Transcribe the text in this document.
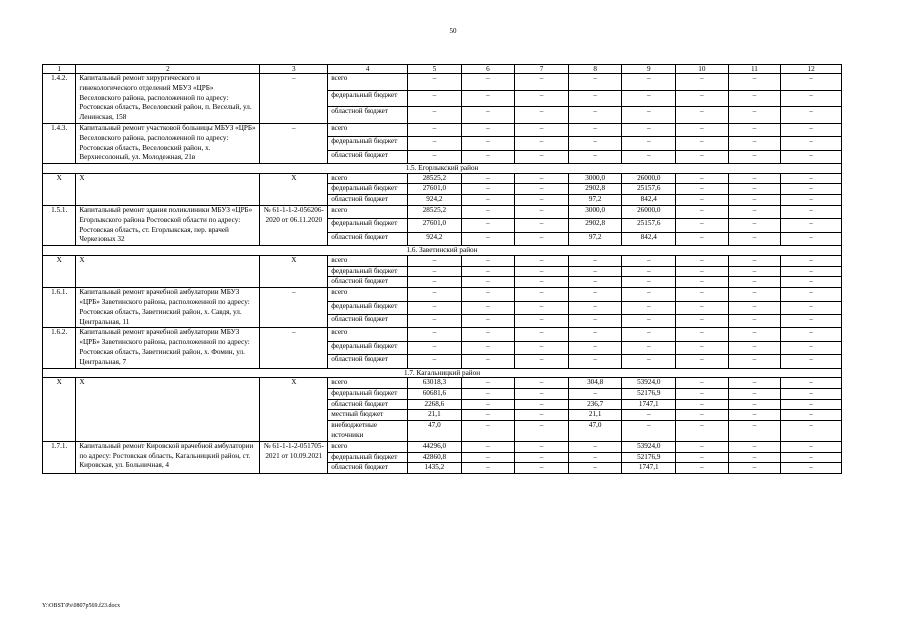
50
1	2	3	4	5	6	7	8	9	10	11	12
1.4.2.	Капитальный ремонт хирургического и гинекологического отделений МБУЗ «ЦРБ» Веселовского района, расположенной по адресу: Ростовская область, Веселовский район, п. Веселый, ул. Ленинская, 158	–	всего	–	–	–	–	–	–	–	–
			федеральный бюджет	–	–	–	–	–	–	–	–
			областной бюджет	–	–	–	–	–	–	–	–
1.4.3.	Капитальный ремонт участковой больницы МБУЗ «ЦРБ» Веселовского района, расположенной по адресу: Ростовская область, Веселовский район, х. Верхнесолоный, ул. Молодежная, 21в	–	всего	–	–	–	–	–	–	–	–
			федеральный бюджет	–	–	–	–	–	–	–	–
			областной бюджет	–	–	–	–	–	–	–	–
1.5. Егорлыкский район											
Х	Х	Х	всего	28525,2	–	–	3000,0	26000,0	–	–	–
			федеральный бюджет	27601,0	–	–	2902,8	25157,6	–	–	–
			областной бюджет	924,2	–	–	97,2	842,4	–	–	–
1.5.1.	Капитальный ремонт здания поликлиники МБУЗ «ЦРБ» Егорлыкского района Ростовской области по адресу: Ростовская область, ст. Егорлыкская, пер. врачей Черкезовых 32	№ 61-1-1-2-056206-2020 от 06.11.2020	всего	28525,2	–	–	3000,0	26000,0	–	–	–
			федеральный бюджет	27601,0	–	–	2902,8	25157,6	–	–	–
			областной бюджет	924,2	–	–	97,2	842,4	–	–	–
1.6. Заветинский район											
Х	Х	Х	всего	–	–	–	–	–	–	–	–
			федеральный бюджет	–	–	–	–	–	–	–	–
			областной бюджет	–	–	–	–	–	–	–	–
1.6.1.	Капитальный ремонт врачебной амбулатории МБУЗ «ЦРБ» Заветинского района, расположенной по адресу: Ростовская область, Заветинский район, х. Савдя, ул. Центральная, 11	–	всего	–	–	–	–	–	–	–	–
			федеральный бюджет	–	–	–	–	–	–	–	–
			областной бюджет	–	–	–	–	–	–	–	–
1.6.2.	Капитальный ремонт врачебной амбулатории МБУЗ «ЦРБ» Заветинского района, расположенной по адресу: Ростовская область, Заветинский район, х. Фомин, ул. Центральная, 7	–	всего	–	–	–	–	–	–	–	–
			федеральный бюджет	–	–	–	–	–	–	–	–
			областной бюджет	–	–	–	–	–	–	–	–
1.7. Кагальницкий район											
Х	Х	Х	всего	63018,3	–	–	304,8	53924,0	–	–	–
			федеральный бюджет	60681,6	–	–	–	52176,9	–	–	–
			областной бюджет	2268,6	–	–	236,7	1747,1	–	–	–
			местный бюджет	21,1	–	–	21,1	–	–	–	–
			внебюджетные источники	47,0	–	–	47,0	–	–	–	–
1.7.1.	Капитальный ремонт Кировской врачебной амбулатории по адресу: Ростовская область, Кагальницкий район, ст. Кировская, ул. Больничная, 4	№ 61-1-1-2-051705-2021 от 10.09.2021	всего	44296,0	–	–	–	53924,0	–	–	–
			федеральный бюджет	42860,8	–	–	–	52176,9	–	–	–
			областной бюджет	1435,2	–	–	–	1747,1	–	–	–
Y:\OBST\Ps\0807p569.f23.docx
